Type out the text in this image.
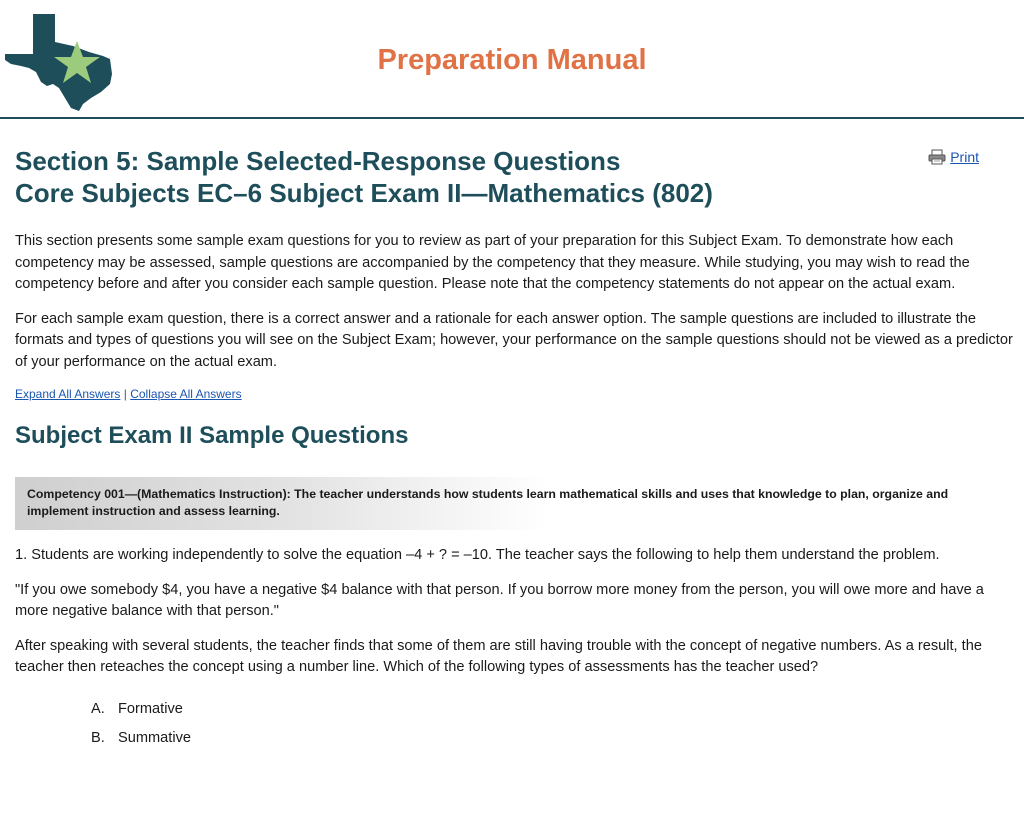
Preparation Manual
Section 5: Sample Selected-Response Questions
Core Subjects EC–6 Subject Exam II—Mathematics (802)
Print

This section presents some sample exam questions for you to review as part of your preparation for this Subject Exam. To demonstrate how each competency may be assessed, sample questions are accompanied by the competency that they measure. While studying, you may wish to read the competency before and after you consider each sample question. Please note that the competency statements do not appear on the actual exam.

For each sample exam question, there is a correct answer and a rationale for each answer option. The sample questions are included to illustrate the formats and types of questions you will see on the Subject Exam; however, your performance on the sample questions should not be viewed as a predictor of your performance on the actual exam.

Expand All Answers | Collapse All Answers
Subject Exam II Sample Questions
Competency 001—(Mathematics Instruction): The teacher understands how students learn mathematical skills and uses that knowledge to plan, organize and implement instruction and assess learning.

1. Students are working independently to solve the equation –4 + ? = –10. The teacher says the following to help them understand the problem.

"If you owe somebody $4, you have a negative $4 balance with that person. If you borrow more money from the person, you will owe more and have a more negative balance with that person."

After speaking with several students, the teacher finds that some of them are still having trouble with the concept of negative numbers. As a result, the teacher then reteaches the concept using a number line. Which of the following types of assessments has the teacher used?

A. Formative
B. Summative
